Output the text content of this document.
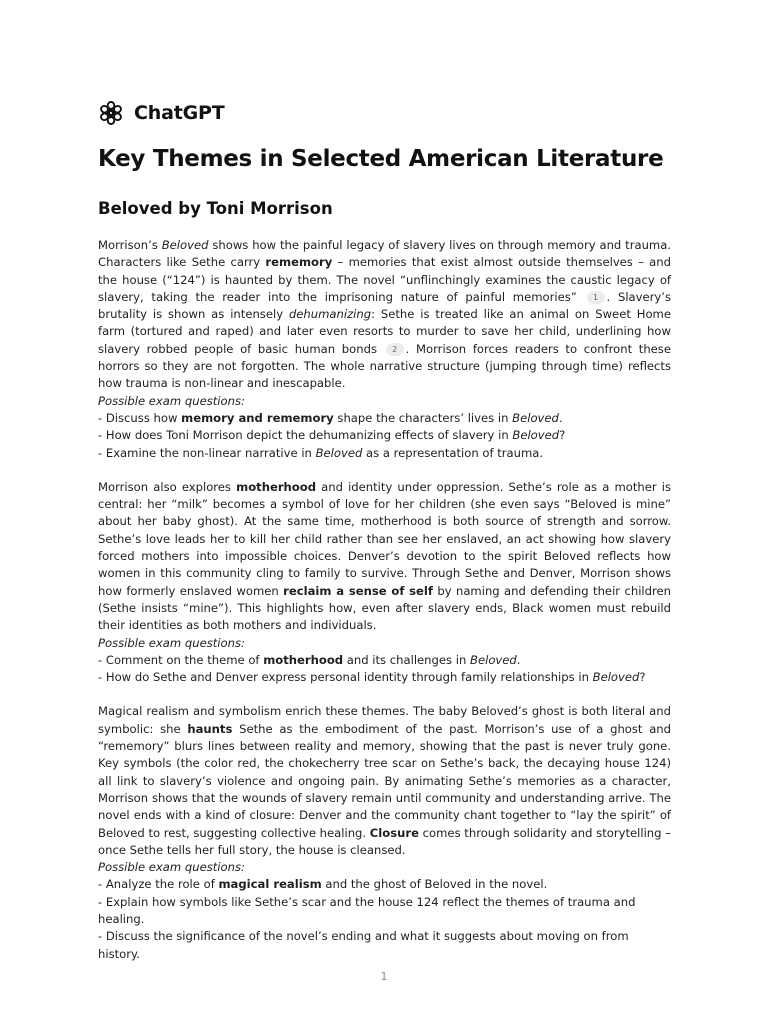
ChatGPT
Key Themes in Selected American Literature
Beloved by Toni Morrison

Morrison’s Beloved shows how the painful legacy of slavery lives on through memory and trauma. Characters like Sethe carry rememory – memories that exist almost outside themselves – and the house (“124”) is haunted by them. The novel “unflinchingly examines the caustic legacy of slavery, taking the reader into the imprisoning nature of painful memories” 1 . Slavery’s brutality is shown as intensely dehumanizing: Sethe is treated like an animal on Sweet Home farm (tortured and raped) and later even resorts to murder to save her child, underlining how slavery robbed people of basic human bonds 2 . Morrison forces readers to confront these horrors so they are not forgotten. The whole narrative structure (jumping through time) reflects how trauma is non-linear and inescapable.

Possible exam questions:

- Discuss how memory and rememory shape the characters’ lives in Beloved.

- How does Toni Morrison depict the dehumanizing effects of slavery in Beloved?

- Examine the non-linear narrative in Beloved as a representation of trauma.

Morrison also explores motherhood and identity under oppression. Sethe’s role as a mother is central: her “milk” becomes a symbol of love for her children (she even says “Beloved is mine” about her baby ghost). At the same time, motherhood is both source of strength and sorrow. Sethe’s love leads her to kill her child rather than see her enslaved, an act showing how slavery forced mothers into impossible choices. Denver’s devotion to the spirit Beloved reflects how women in this community cling to family to survive. Through Sethe and Denver, Morrison shows how formerly enslaved women reclaim a sense of self by naming and defending their children (Sethe insists “mine”). This highlights how, even after slavery ends, Black women must rebuild their identities as both mothers and individuals.

Possible exam questions:

- Comment on the theme of motherhood and its challenges in Beloved.

- How do Sethe and Denver express personal identity through family relationships in Beloved?

Magical realism and symbolism enrich these themes. The baby Beloved’s ghost is both literal and symbolic: she haunts Sethe as the embodiment of the past. Morrison’s use of a ghost and “rememory” blurs lines between reality and memory, showing that the past is never truly gone. Key symbols (the color red, the chokecherry tree scar on Sethe’s back, the decaying house 124) all link to slavery’s violence and ongoing pain. By animating Sethe’s memories as a character, Morrison shows that the wounds of slavery remain until community and understanding arrive. The novel ends with a kind of closure: Denver and the community chant together to “lay the spirit” of Beloved to rest, suggesting collective healing. Closure comes through solidarity and storytelling – once Sethe tells her full story, the house is cleansed.

Possible exam questions:

- Analyze the role of magical realism and the ghost of Beloved in the novel.

- Explain how symbols like Sethe’s scar and the house 124 reflect the themes of trauma and healing.

- Discuss the significance of the novel’s ending and what it suggests about moving on from history.

1
